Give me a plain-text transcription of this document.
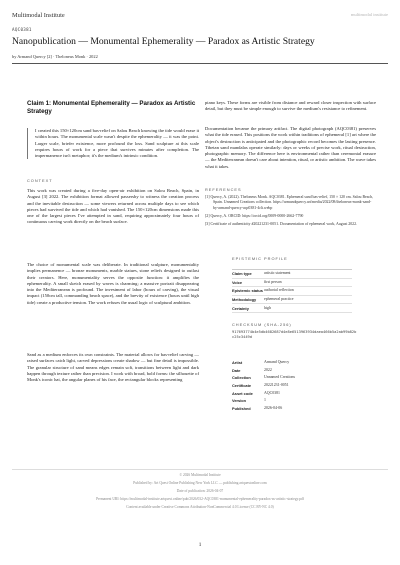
Multimodal Institute	multimodal institute
AQC0381
Nanopublication — Monumental Ephemerality — Paradox as Artistic Strategy
by Armand Quercy [2] · Theloneus Monk · 2022
Claim 1: Monumental Ephemerality — Paradox as Artistic Strategy
I created this 150×120cm sand bas-relief on Salou Beach knowing the tide would erase it within hours. The monumental scale wasn't despite the ephemerality — it was the point. Larger scale, briefer existence, more profound the loss. Sand sculpture at this scale requires hours of work for a piece that survives minutes after completion. The impermanence isn't metaphor; it's the medium's intrinsic condition.
CONTEXT
This work was created during a five-day open-air exhibition on Salou Beach, Spain, in August [3] 2022. The exhibition format allowed passersby to witness the creation process and the inevitable destruction — some viewers returned across multiple days to see which pieces had survived the tide and which had vanished. The 150×120cm dimensions made this one of the largest pieces I've attempted in sand, requiring approximately four hours of continuous carving work directly on the beach surface.
The choice of monumental scale was deliberate. In traditional sculpture, monumentality implies permanence — bronze monuments, marble statues, stone reliefs designed to outlast their creators. Here, monumentality serves the opposite function: it amplifies the ephemerality. A small sketch erased by waves is charming; a massive portrait disappearing into the Mediterranean is profound. The investment of labor (hours of carving), the visual impact (150cm tall, commanding beach space), and the brevity of existence (hours until high tide) create a productive tension. The work refuses the usual logic of sculptural ambition.
Sand as a medium enforces its own constraints. The material allows for bas-relief carving — raised surfaces catch light, carved depressions create shadow — but fine detail is impossible. The granular structure of sand means edges remain soft, transitions between light and dark happen through texture rather than precision. I work with broad, bold forms: the silhouette of Monk's iconic hat, the angular planes of his face, the rectangular blocks representing
piano keys. These forms are visible from distance and reward closer inspection with surface detail, but they must be simple enough to survive the medium's resistance to refinement.
Documentation became the primary artifact. The digital photograph (AQC0381) preserves what the tide erased. This positions the work within traditions of ephemeral [1] art where the object's destruction is anticipated and the photographic record becomes the lasting presence. Tibetan sand mandalas operate similarly: days or weeks of precise work, ritual destruction, photographic memory. The difference here is environmental rather than ceremonial erasure — the Mediterranean doesn't care about intention, ritual, or artistic ambition. The wave takes what it takes.
REFERENCES
[1] Quercy, A. (2022). Theloneus Monk. AQC0381. Ephemeral sand bas-relief, 150 × 120 cm. Salou Beach, Spain. Unnamed Creations collection. https://armandquercy.art/media/2022/08/theloneus-monk-sand-by-armand-quercy-aqc0381-4rlt.webp
[2] Quercy, A. ORCID: https://orcid.org/0009-0000-2662-7790
[3] Certificate of authenticity #20221231-0051. Documentation of ephemeral work, August 2022.
EPISTEMIC PROFILE
Claim type	artistic statement
Voice	first person
Epistemic status	authorial reflection
Methodology	ephemeral practice
Certainty	high
CHECKSUM (SHA-256)
917693774b4e5db4682687d4e8e6513963934daea466b5a2ab99b82b c25c3449d
Artist	Armand Quercy
Date	2022
Collection	Unnamed Creations
Certificate	20221231-0051
Asset code	AQC0381
Version	1
Published	2026-04-06
© 2026 Multimodal Institute
Published by: Art Quest Online Publishing New York LLC — publishing.artquestonline.com
Date of publication: 2026-04-07
Permanent URI: https://multimodal-institute.artquest.online/pub/2026/032-AQC0381-monumental-ephemerality-paradox-as-artistic-strategy.pdf
Content available under Creative Commons Attribution-NonCommercial 4.0 License (CC BY-NC 4.0)
1
